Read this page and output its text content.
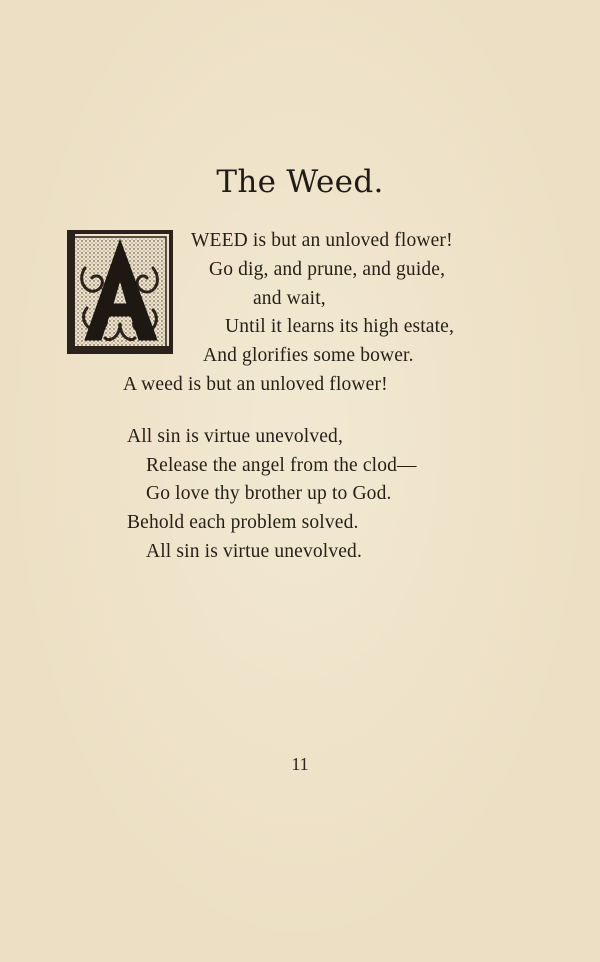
The Weed.
WEED is but an unloved flower!
Go dig, and prune, and guide,
and wait,
Until it learns its high estate,
And glorifies some bower.
A weed is but an unloved flower!
All sin is virtue unevolved,
Release the angel from the clod—
Go love thy brother up to God.
Behold each problem solved.
All sin is virtue unevolved.
11
